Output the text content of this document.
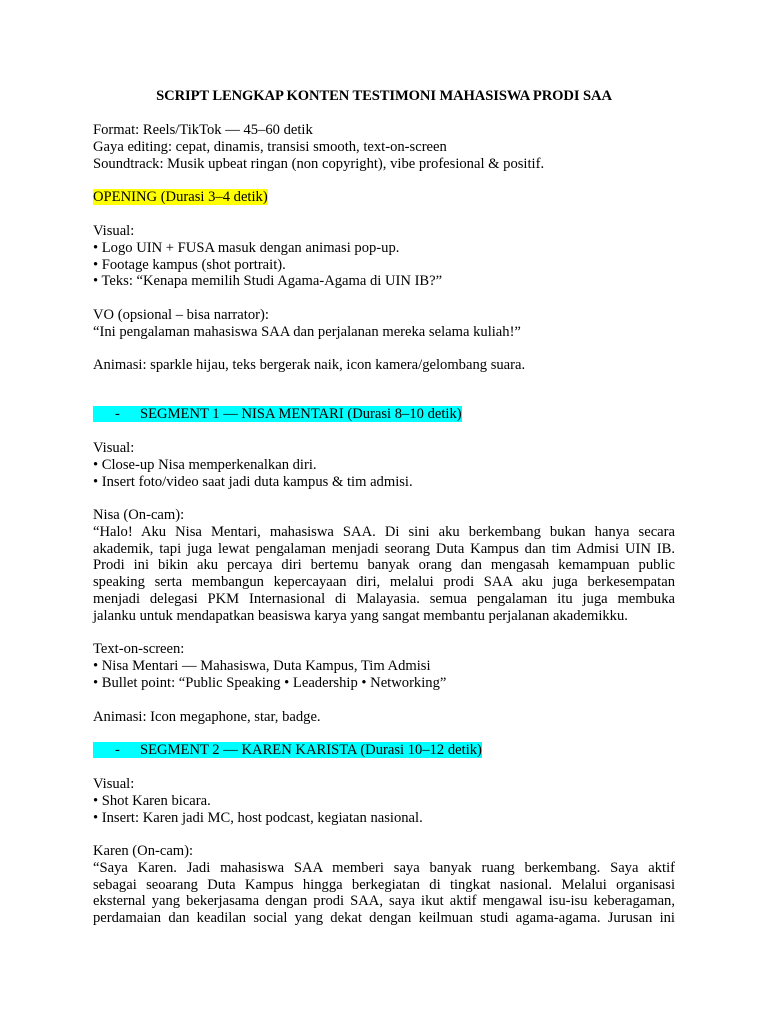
SCRIPT LENGKAP KONTEN TESTIMONI MAHASISWA PRODI SAA
Format: Reels/TikTok — 45–60 detik
Gaya editing: cepat, dinamis, transisi smooth, text-on-screen
Soundtrack: Musik upbeat ringan (non copyright), vibe profesional & positif.
OPENING (Durasi 3–4 detik)
Visual:
• Logo UIN + FUSA masuk dengan animasi pop-up.
• Footage kampus (shot portrait).
• Teks: “Kenapa memilih Studi Agama-Agama di UIN IB?”
VO (opsional – bisa narrator):
“Ini pengalaman mahasiswa SAA dan perjalanan mereka selama kuliah!”
Animasi: sparkle hijau, teks bergerak naik, icon kamera/gelombang suara.
- SEGMENT 1 — NISA MENTARI (Durasi 8–10 detik)
Visual:
• Close-up Nisa memperkenalkan diri.
• Insert foto/video saat jadi duta kampus & tim admisi.
Nisa (On-cam):
“Halo! Aku Nisa Mentari, mahasiswa SAA. Di sini aku berkembang bukan hanya secara
akademik, tapi juga lewat pengalaman menjadi seorang Duta Kampus dan tim Admisi UIN IB.
Prodi ini bikin aku percaya diri bertemu banyak orang dan mengasah kemampuan public
speaking serta membangun kepercayaan diri, melalui prodi SAA aku juga berkesempatan
menjadi delegasi PKM Internasional di Malayasia. semua pengalaman itu juga membuka
jalanku untuk mendapatkan beasiswa karya yang sangat membantu perjalanan akademikku.
Text-on-screen:
• Nisa Mentari — Mahasiswa, Duta Kampus, Tim Admisi
• Bullet point: “Public Speaking • Leadership • Networking”
Animasi: Icon megaphone, star, badge.
- SEGMENT 2 — KAREN KARISTA (Durasi 10–12 detik)
Visual:
• Shot Karen bicara.
• Insert: Karen jadi MC, host podcast, kegiatan nasional.
Karen (On-cam):
“Saya Karen. Jadi mahasiswa SAA memberi saya banyak ruang berkembang. Saya aktif
sebagai seoarang Duta Kampus hingga berkegiatan di tingkat nasional. Melalui organisasi
eksternal yang bekerjasama dengan prodi SAA, saya ikut aktif mengawal isu-isu keberagaman,
perdamaian dan keadilan social yang dekat dengan keilmuan studi agama-agama. Jurusan ini
